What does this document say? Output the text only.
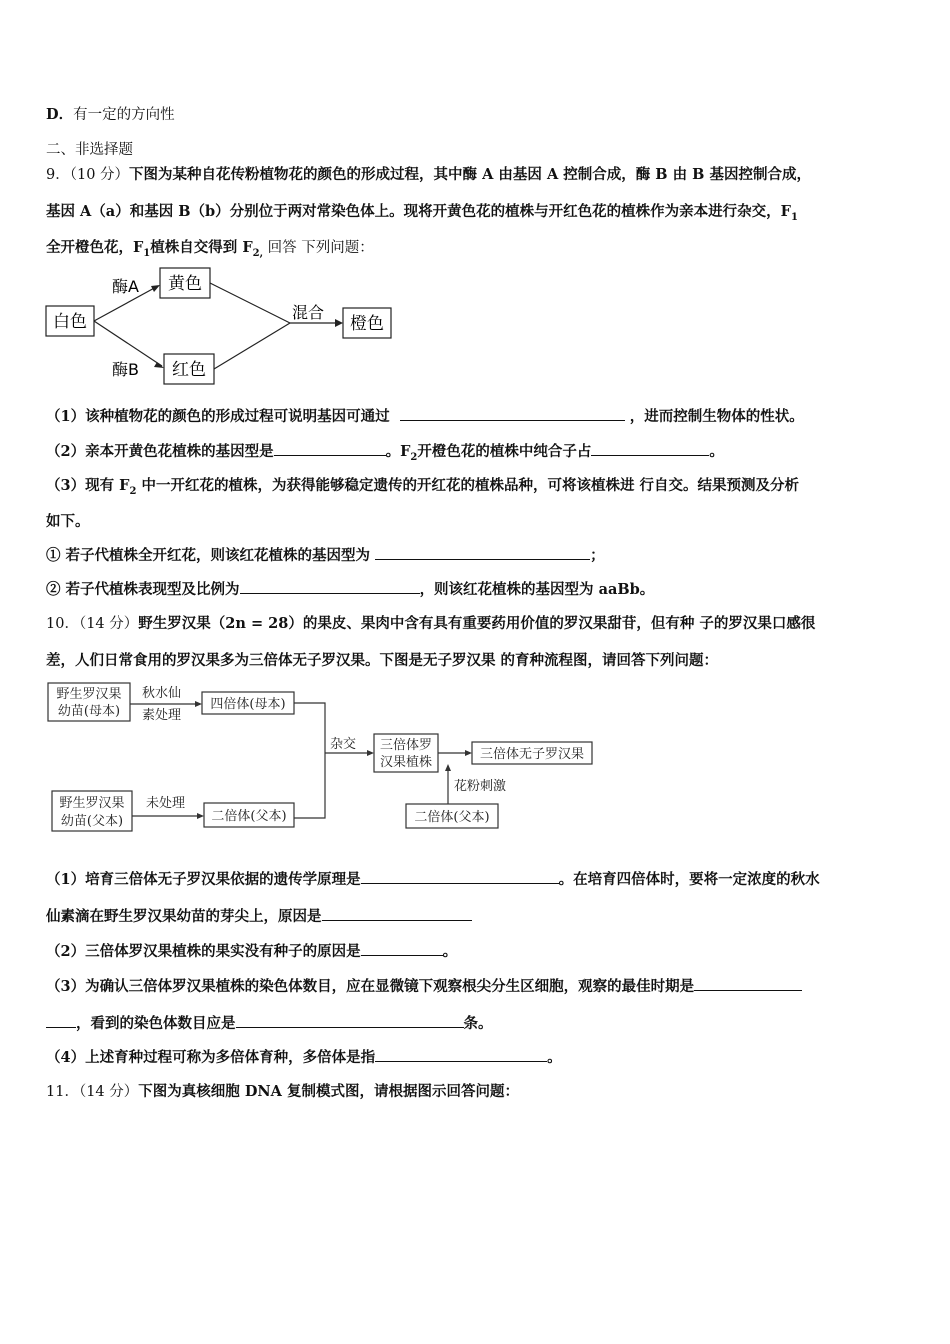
D．有一定的方向性
二、非选择题
9．（10 分）下图为某种自花传粉植物花的颜色的形成过程，其中酶 A 由基因 A 控制合成，酶 B 由 B 基因控制合成，
基因 A（a）和基因 B（b）分别位于两对常染色体上。现将开黄色花的植株与开红色花的植株作为亲本进行杂交，$F_1$
全开橙色花，$F_1$植株自交得到 $F_{2,}$ 回答 下列问题：
白色
黄色
红色
橙色
酶A
酶B
混合
（1）该种植物花的颜色的形成过程可说明基因可通过	，进而控制生物体的性状。
（2）亲本开黄色花植株的基因型是	。$F_2$开橙色花的植株中纯合子占	。
（3）现有 $F_2$ 中一开红花的植株，为获得能够稳定遗传的开红花的植株品种，可将该植株进 行自交。结果预测及分析
如下。
① 若子代植株全开红花，则该红花植株的基因型为	；
② 若子代植株表现型及比例为	，则该红花植株的基因型为 aaBb。
10．（14 分）野生罗汉果（2n = 28）的果皮、果肉中含有具有重要药用价值的罗汉果甜苷，但有种 子的罗汉果口感很
差，人们日常食用的罗汉果多为三倍体无子罗汉果。下图是无子罗汉果 的育种流程图，请回答下列问题：
野生罗汉果
幼苗(母本)
秋水仙
素处理
四倍体(母本)
杂交 三倍体罗
汉果植株
三倍体无子罗汉果
花粉刺激
二倍体(父本)
野生罗汉果
幼苗(父本)
未处理
二倍体(父本)
（1）培育三倍体无子罗汉果依据的遗传学原理是	。在培育四倍体时，要将一定浓度的秋水
仙素滴在野生罗汉果幼苗的芽尖上，原因是
（2）三倍体罗汉果植株的果实没有种子的原因是	。
（3）为确认三倍体罗汉果植株的染色体数目，应在显微镜下观察根尖分生区细胞，观察的最佳时期是
，看到的染色体数目应是	条。
（4）上述育种过程可称为多倍体育种，多倍体是指	。
11．（14 分）下图为真核细胞 DNA 复制模式图，请根据图示回答问题：
